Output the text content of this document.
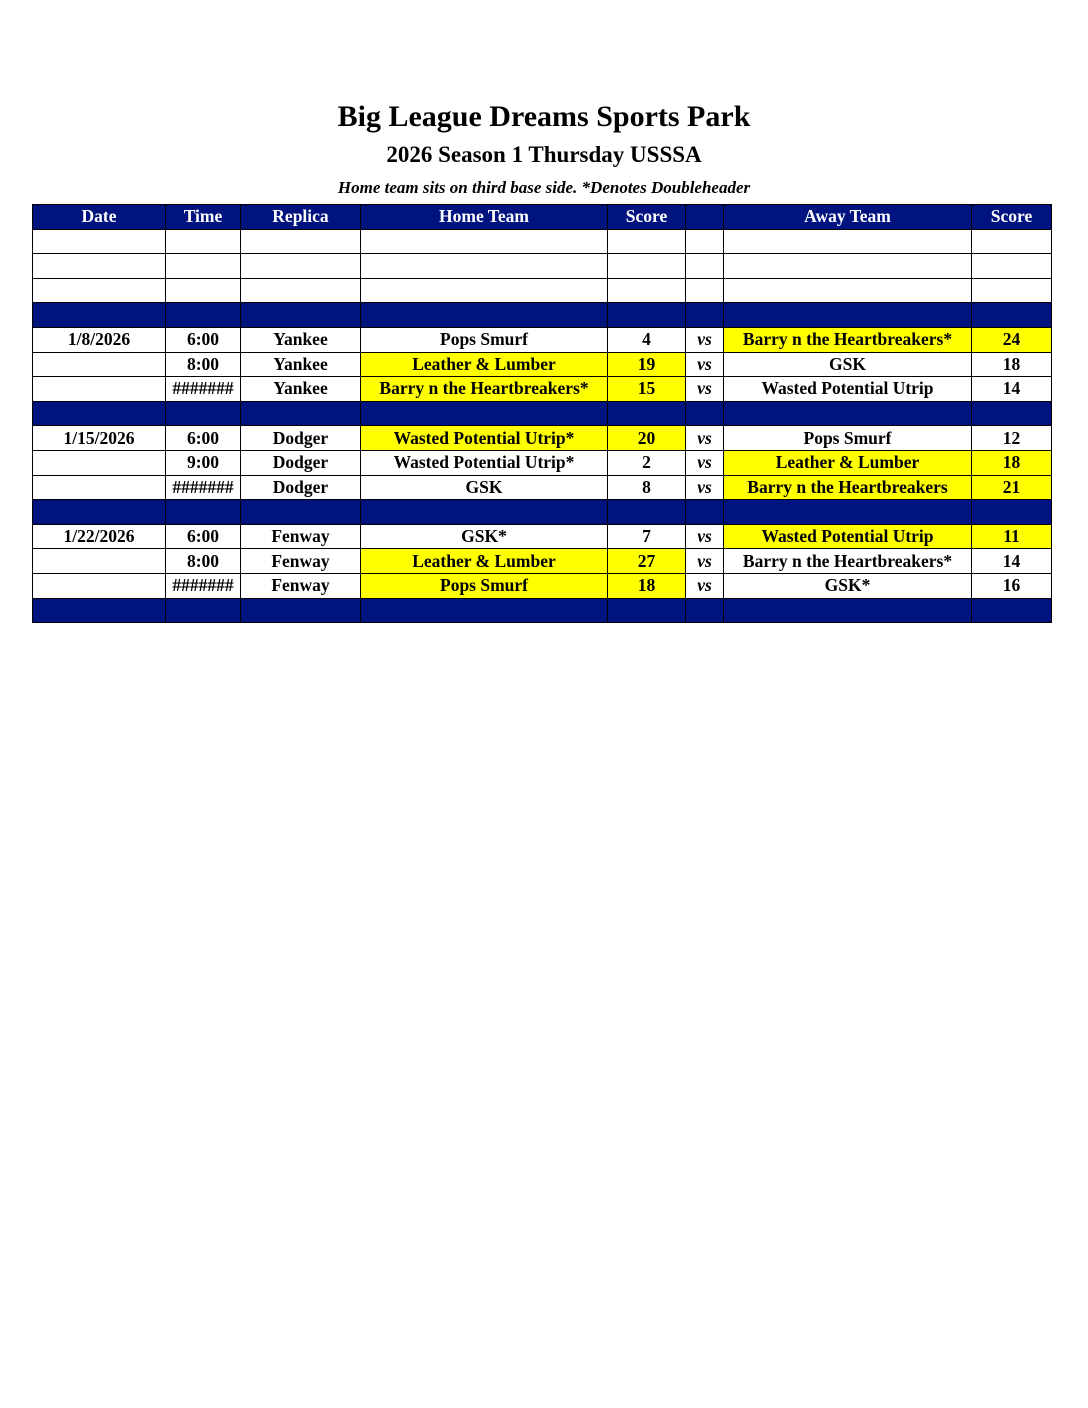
Big League Dreams Sports Park
2026 Season 1 Thursday USSSA
Home team sits on third base side. *Denotes Doubleheader
Date	Time	Replica	Home Team	Score		Away Team	Score

1/8/2026	6:00	Yankee	Pops Smurf	4	vs	Barry n the Heartbreakers*	24
	8:00	Yankee	Leather & Lumber	19	vs	GSK	18
	#######	Yankee	Barry n the Heartbreakers*	15	vs	Wasted Potential Utrip	14

1/15/2026	6:00	Dodger	Wasted Potential Utrip*	20	vs	Pops Smurf	12
	9:00	Dodger	Wasted Potential Utrip*	2	vs	Leather & Lumber	18
	#######	Dodger	GSK	8	vs	Barry n the Heartbreakers	21

1/22/2026	6:00	Fenway	GSK*	7	vs	Wasted Potential Utrip	11
	8:00	Fenway	Leather & Lumber	27	vs	Barry n the Heartbreakers*	14
	#######	Fenway	Pops Smurf	18	vs	GSK*	16
